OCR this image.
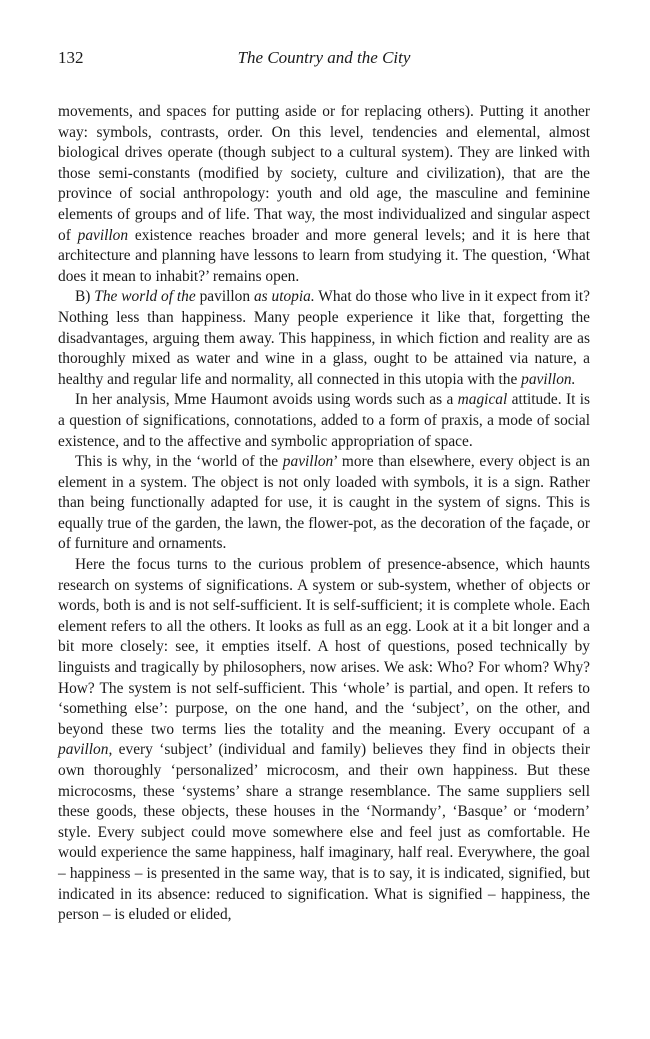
132	The Country and the City

movements, and spaces for putting aside or for replacing others). Putting it another way: symbols, contrasts, order. On this level, tendencies and elemental, almost biological drives operate (though subject to a cultural system). They are linked with those semi-constants (modified by society, culture and civilization), that are the province of social anthropology: youth and old age, the masculine and feminine elements of groups and of life. That way, the most individualized and singular aspect of pavillon existence reaches broader and more general levels; and it is here that architecture and planning have lessons to learn from studying it. The question, ‘What does it mean to inhabit?’ remains open.

B) The world of the pavillon as utopia. What do those who live in it expect from it? Nothing less than happiness. Many people experience it like that, forgetting the disadvantages, arguing them away. This happiness, in which fiction and reality are as thoroughly mixed as water and wine in a glass, ought to be attained via nature, a healthy and regular life and normality, all connected in this utopia with the pavillon.

In her analysis, Mme Haumont avoids using words such as a magical attitude. It is a question of significations, connotations, added to a form of praxis, a mode of social existence, and to the affective and symbolic appropriation of space.

This is why, in the ‘world of the pavillon’ more than elsewhere, every object is an element in a system. The object is not only loaded with symbols, it is a sign. Rather than being functionally adapted for use, it is caught in the system of signs. This is equally true of the garden, the lawn, the flower-pot, as the decoration of the façade, or of furniture and ornaments.

Here the focus turns to the curious problem of presence-absence, which haunts research on systems of significations. A system or sub-system, whether of objects or words, both is and is not self-sufficient. It is self-sufficient; it is complete whole. Each element refers to all the others. It looks as full as an egg. Look at it a bit longer and a bit more closely: see, it empties itself. A host of questions, posed technically by linguists and tragically by philosophers, now arises. We ask: Who? For whom? Why? How? The system is not self-sufficient. This ‘whole’ is partial, and open. It refers to ‘something else’: purpose, on the one hand, and the ‘subject’, on the other, and beyond these two terms lies the totality and the meaning. Every occupant of a pavillon, every ‘subject’ (individual and family) believes they find in objects their own thoroughly ‘personalized’ microcosm, and their own happiness. But these microcosms, these ‘systems’ share a strange resemblance. The same suppliers sell these goods, these objects, these houses in the ‘Normandy’, ‘Basque’ or ‘modern’ style. Every subject could move somewhere else and feel just as comfortable. He would experience the same happiness, half imaginary, half real. Everywhere, the goal – happiness – is presented in the same way, that is to say, it is indicated, signified, but indicated in its absence: reduced to signification. What is signified – happiness, the person – is eluded or elided,
